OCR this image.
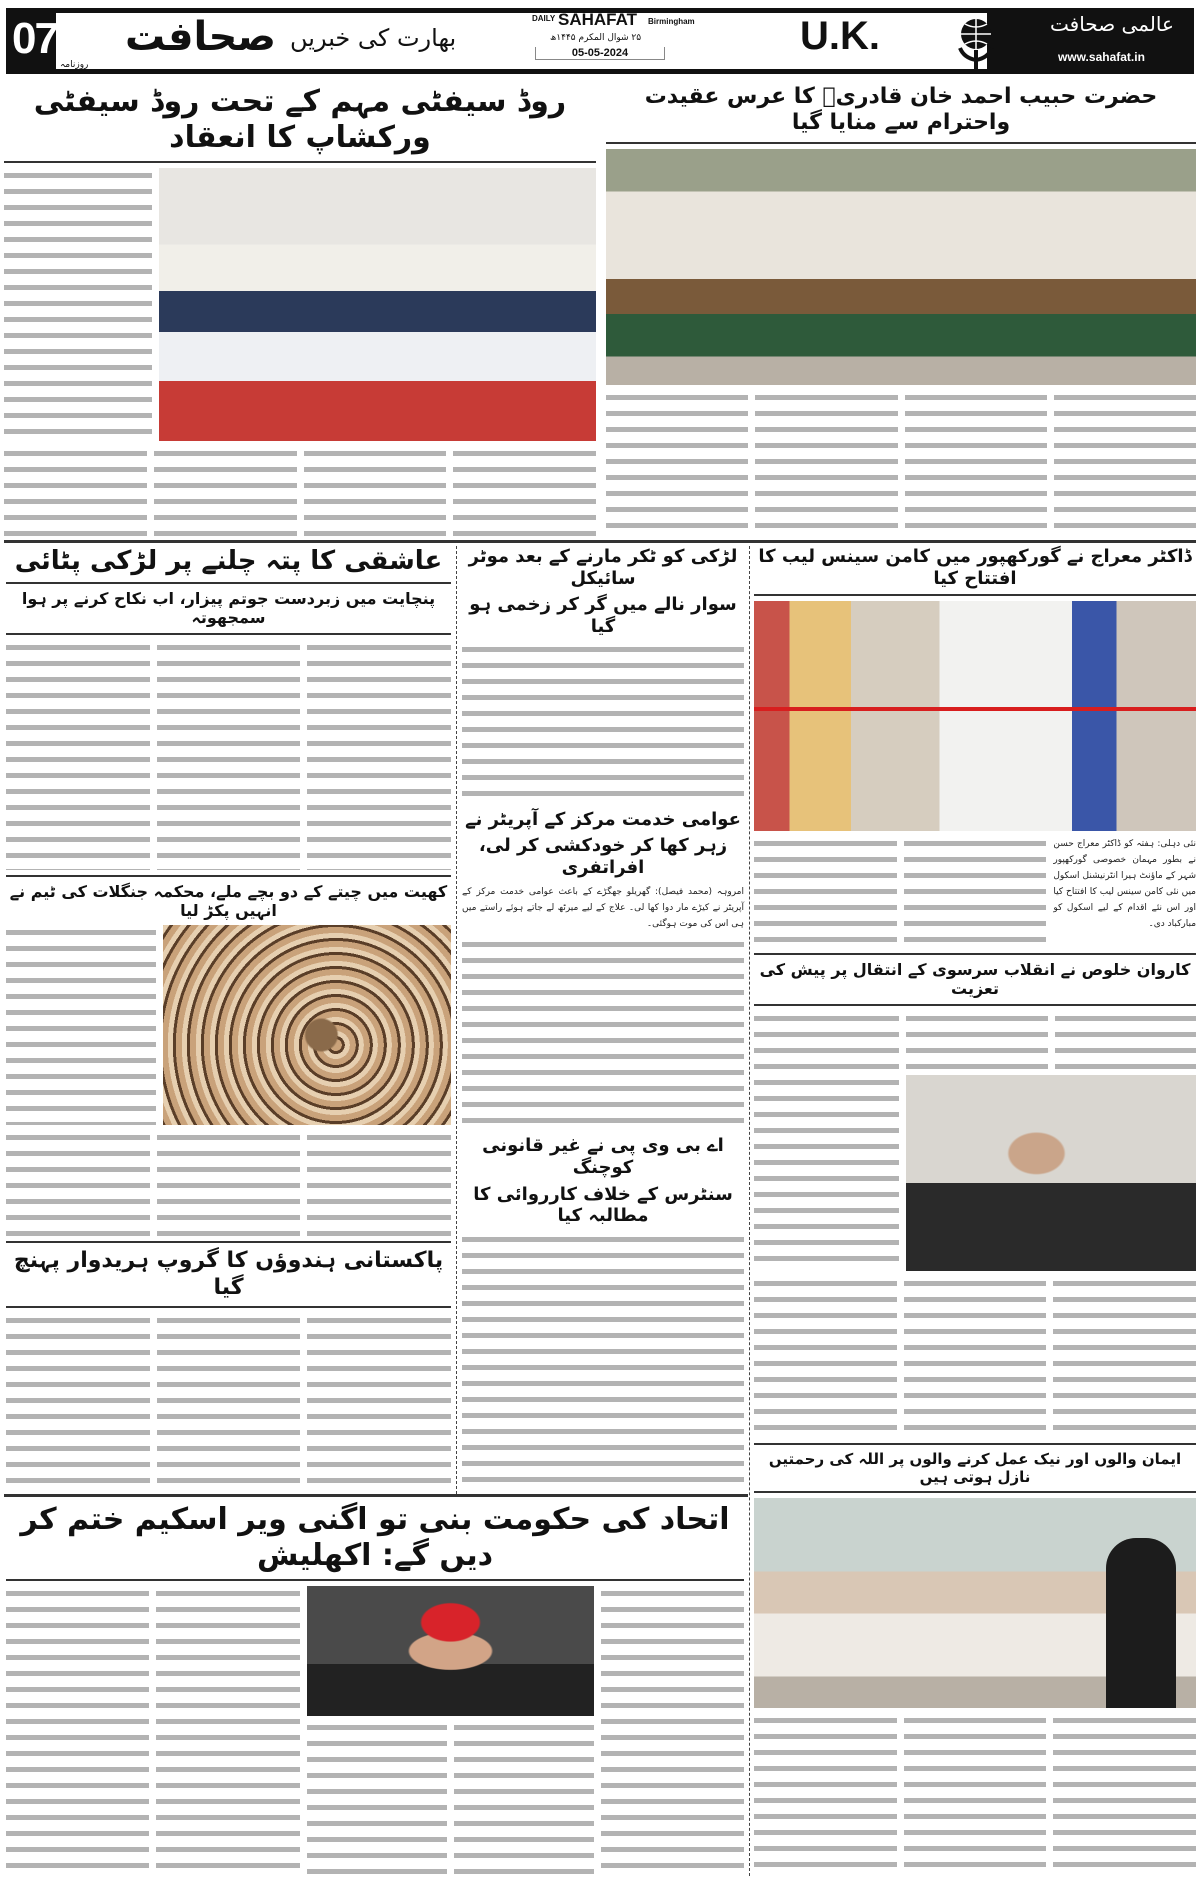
07 صحافت
روزنامہ
بھارت کی خبریں
DAILY SAHAFAT Birmingham
۲۵ شوال المکرم ۱۴۴۵ھ
05-05-2024	U.K.	عالمی صحافت
www.sahafat.in
روڈ سیفٹی مہم کے تحت روڈ سیفٹی ورکشاپ کا انعقاد
حضرت حبیب احمد خان قادریؒ کا عرس عقیدت واحترام سے منایا گیا
عاشقی کا پتہ چلنے پر لڑکی پٹائی
پنچایت میں زبردست جوتم پیزار، اب نکاح کرنے پر ہوا سمجھوتہ
کھیت میں چیتے کے دو بچے ملے، محکمہ جنگلات کی ٹیم نے انہیں پکڑ لیا
پاکستانی ہندوؤں کا گروپ ہریدوار پہنچ گیا
لڑکی کو ٹکر مارنے کے بعد موٹر سائیکل
سوار نالے میں گر کر زخمی ہو گیا
عوامی خدمت مرکز کے آپریٹر نے
زہر کھا کر خودکشی کر لی، افراتفری
امروہہ (محمد فیصل): گھریلو جھگڑے کے باعث عوامی خدمت مرکز کے آپریٹر نے کیڑے مار دوا کھا لی۔ علاج کے لیے میرٹھ لے جاتے ہوئے راستے میں ہی اس کی موت ہوگئی۔
اے بی وی پی نے غیر قانونی کوچنگ
سنٹرس کے خلاف کارروائی کا مطالبہ کیا
ڈاکٹر معراج نے گورکھپور میں کامن سینس لیب کا افتتاح کیا
نئی دہلی: ہفتہ کو ڈاکٹر معراج حسن نے بطور مہمان خصوصی گورکھپور شہر کے ماؤنٹ ہیرا انٹرنیشنل اسکول میں نئی کامن سینس لیب کا افتتاح کیا اور اس نئے اقدام کے لیے اسکول کو مبارکباد دی۔
کاروان خلوص نے انقلاب سرسوی کے انتقال پر پیش کی تعزیت
ایمان والوں اور نیک عمل کرنے والوں پر اللہ کی رحمتیں نازل ہوتی ہیں
اتحاد کی حکومت بنی تو اگنی ویر اسکیم ختم کر دیں گے: اکھلیش
